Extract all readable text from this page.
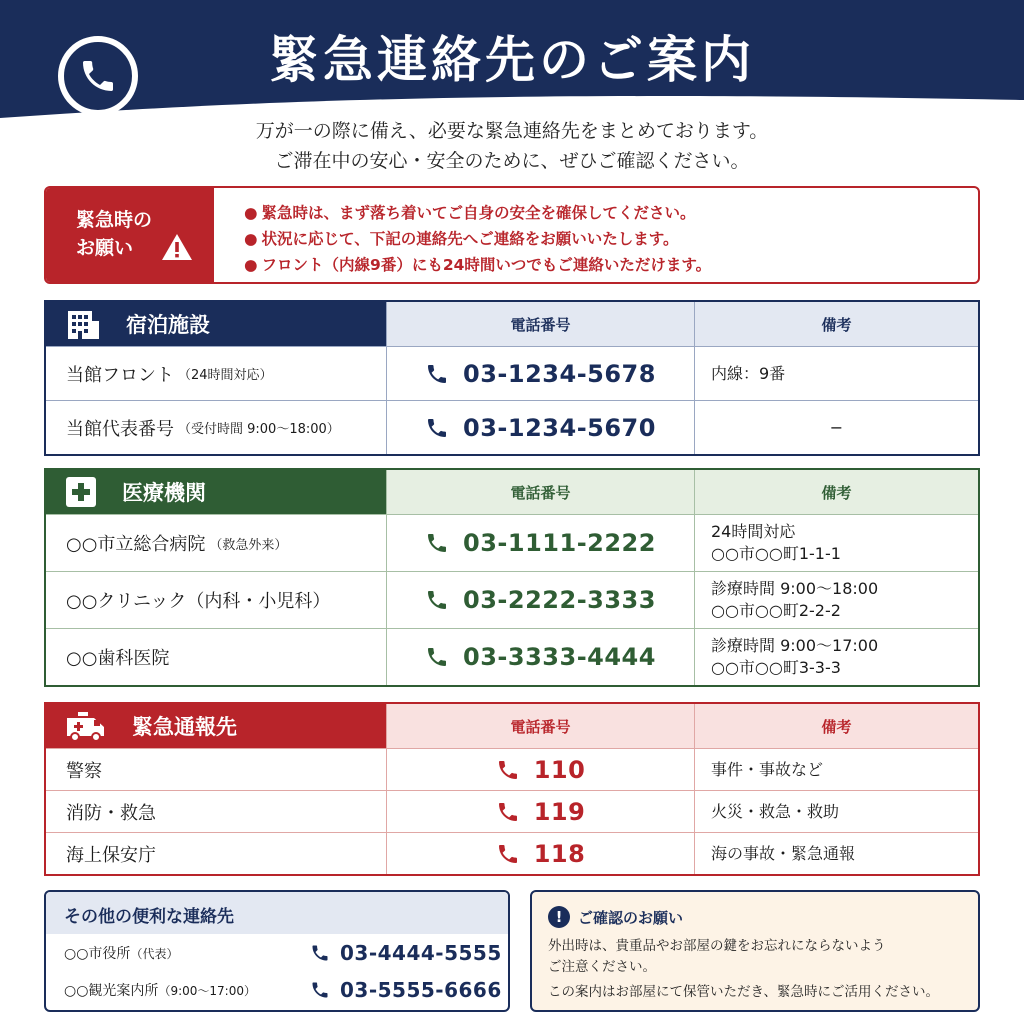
緊急連絡先のご案内
万が一の際に備え、必要な緊急連絡先をまとめております。
ご滞在中の安心・安全のために、ぜひご確認ください。
緊急時の
お願い
● 緊急時は、まず落ち着いてご自身の安全を確保してください。
● 状況に応じて、下記の連絡先へご連絡をお願いいたします。
● フロント（内線9番）にも24時間いつでもご連絡いただけます。
宿泊施設	電話番号	備考
当館フロント （24時間対応）	03-1234-5678	内線：9番
当館代表番号 （受付時間 9:00〜18:00）	03-1234-5670	−
医療機関	電話番号	備考
○○市立総合病院 （救急外来）	03-1111-2222	24時間対応
○○市○○町1-1-1
○○クリニック（内科・小児科）	03-2222-3333	診療時間 9:00〜18:00
○○市○○町2-2-2
○○歯科医院	03-3333-4444	診療時間 9:00〜17:00
○○市○○町3-3-3
緊急通報先	電話番号	備考
警察	110	事件・事故など
消防・救急	119	火災・救急・救助
海上保安庁	118	海の事故・緊急通報
その他の便利な連絡先
○○市役所（代表）	03-4444-5555
○○観光案内所（9:00〜17:00）	03-5555-6666
!	ご確認のお願い

外出時は、貴重品やお部屋の鍵をお忘れにならないよう
ご注意ください。

この案内はお部屋にて保管いただき、緊急時にご活用ください。
